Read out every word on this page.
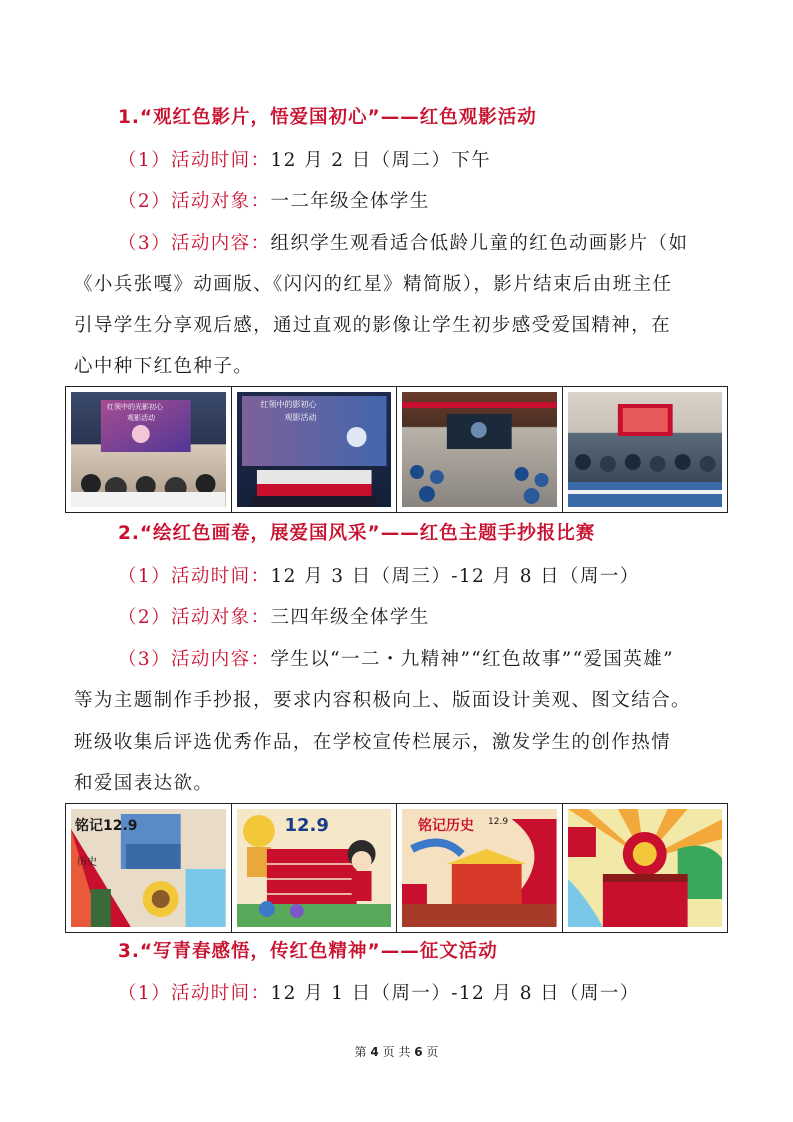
1.“观红色影片，悟爱国初心”——红色观影活动
（1）活动时间：12 月 2 日（周二）下午
（2）活动对象：一二年级全体学生
（3）活动内容：组织学生观看适合低龄儿童的红色动画影片（如
《小兵张嘎》动画版、《闪闪的红星》精简版），影片结束后由班主任
引导学生分享观后感，通过直观的影像让学生初步感受爱国精神，在
心中种下红色种子。
红领中的光影初心
观影活动
红领中的影初心
观影活动
2.“绘红色画卷，展爱国风采”——红色主题手抄报比赛
（1）活动时间：12 月 3 日（周三）-12 月 8 日（周一）
（2）活动对象：三四年级全体学生
（3）活动内容：学生以“一二・九精神”“红色故事”“爱国英雄”
等为主题制作手抄报，要求内容积极向上、版面设计美观、图文结合。
班级收集后评选优秀作品，在学校宣传栏展示，激发学生的创作热情
和爱国表达欲。
铭记12.9
历史
12.9	铭记历史 12.9
3.“写青春感悟，传红色精神”——征文活动
（1）活动时间：12 月 1 日（周一）-12 月 8 日（周一）
第 4 页 共 6 页
